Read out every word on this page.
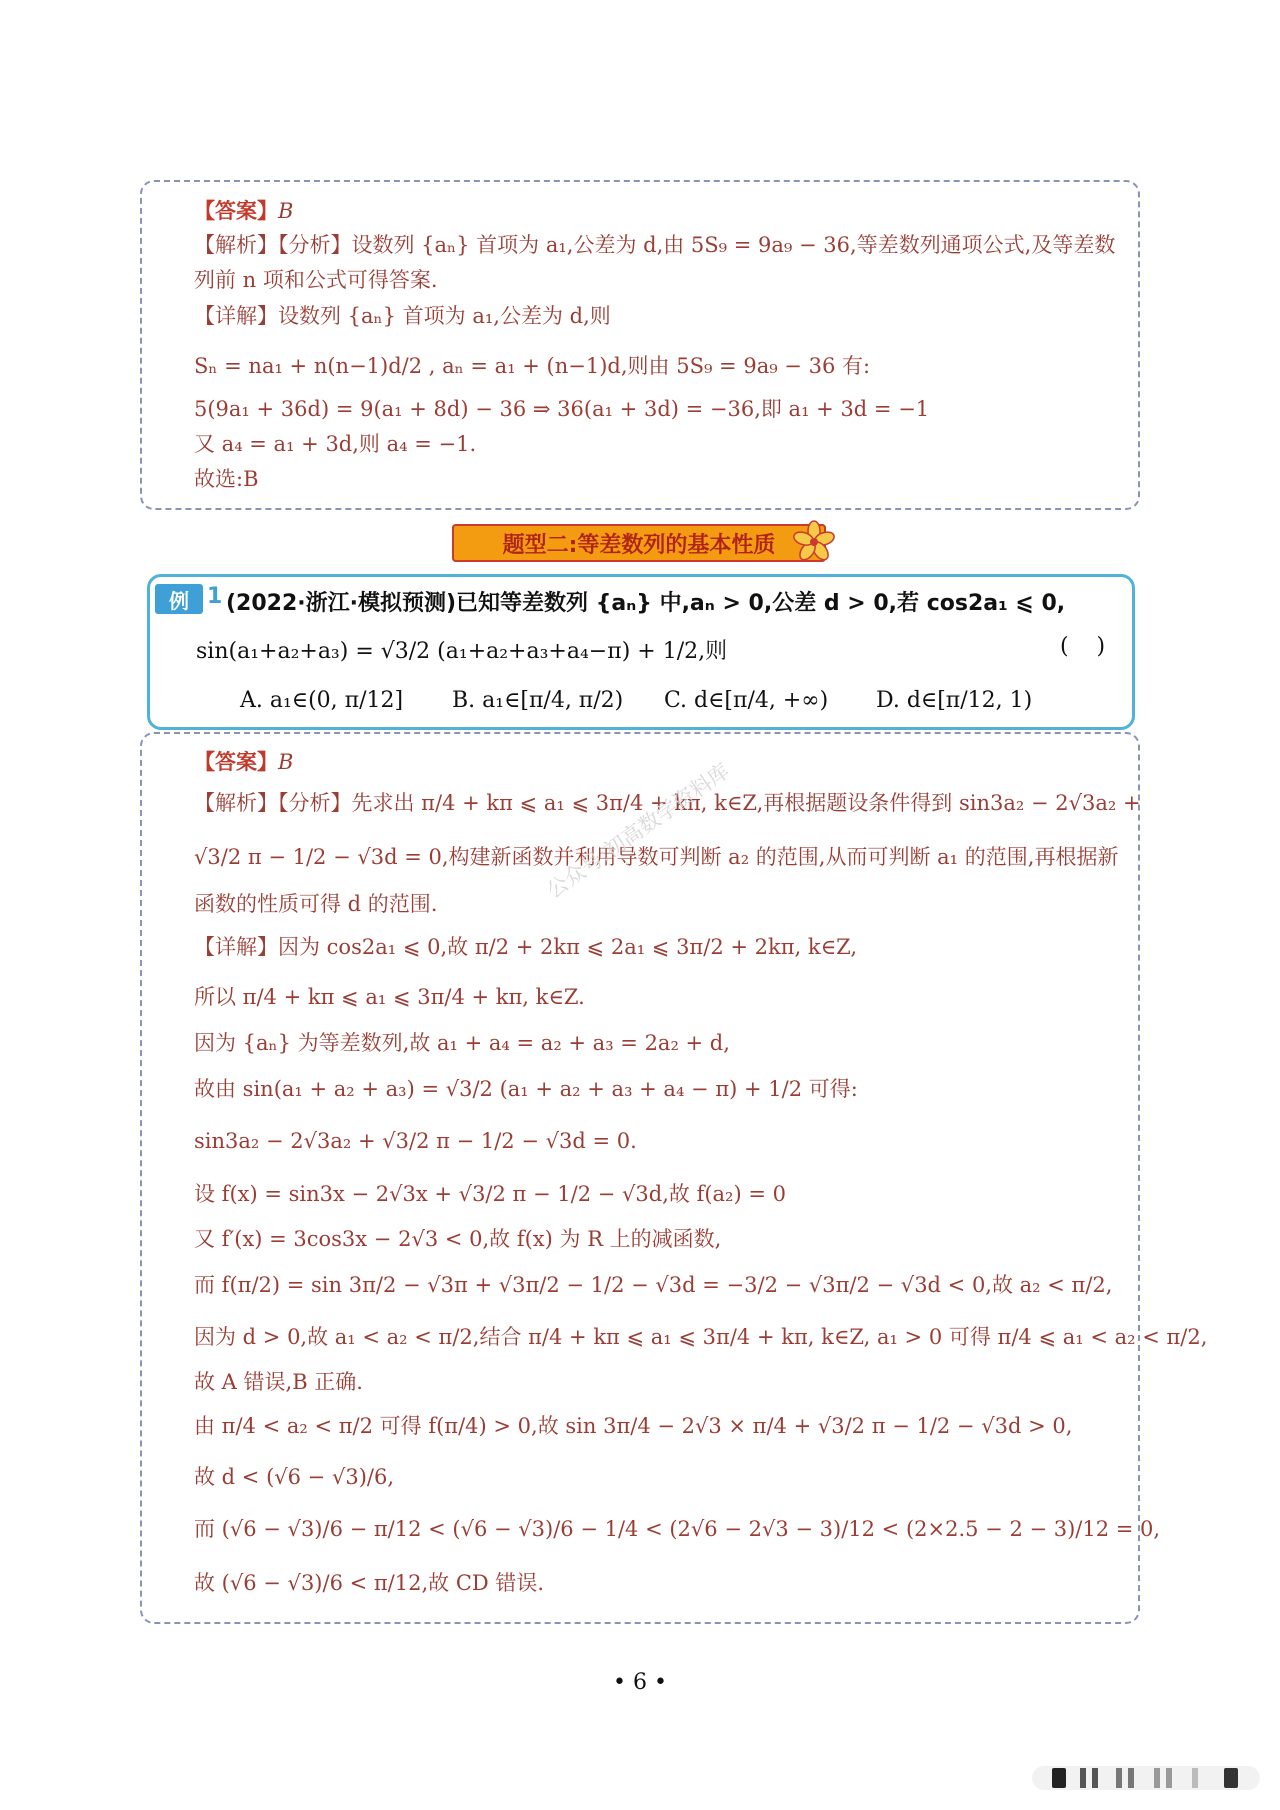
【答案】B
【解析】【分析】设数列 {aₙ} 首项为 a₁,公差为 d,由 5S₉ = 9a₉ − 36,等差数列通项公式,及等差数
列前 n 项和公式可得答案.
【详解】设数列 {aₙ} 首项为 a₁,公差为 d,则
Sₙ = na₁ + n(n−1)d/2 , aₙ = a₁ + (n−1)d,则由 5S₉ = 9a₉ − 36 有:
5(9a₁ + 36d) = 9(a₁ + 8d) − 36 ⇒ 36(a₁ + 3d) = −36,即 a₁ + 3d = −1
又 a₄ = a₁ + 3d,则 a₄ = −1.
故选:B
题型二:等差数列的基本性质
例 1 (2022·浙江·模拟预测)已知等差数列 {aₙ} 中,aₙ > 0,公差 d > 0,若 cos2a₁ ⩽ 0,
sin(a₁+a₂+a₃) = √3/2 (a₁+a₂+a₃+a₄−π) + 1/2,则	(    )
A. a₁∈(0, π/12] B. a₁∈[π/4, π/2) C. d∈[π/4, +∞) D. d∈[π/12, 1)
【答案】B
【解析】【分析】先求出 π/4 + kπ ⩽ a₁ ⩽ 3π/4 + kπ, k∈Z,再根据题设条件得到 sin3a₂ − 2√3a₂ +
√3/2 π − 1/2 − √3d = 0,构建新函数并利用导数可判断 a₂ 的范围,从而可判断 a₁ 的范围,再根据新
函数的性质可得 d 的范围.
【详解】因为 cos2a₁ ⩽ 0,故 π/2 + 2kπ ⩽ 2a₁ ⩽ 3π/2 + 2kπ, k∈Z,
所以 π/4 + kπ ⩽ a₁ ⩽ 3π/4 + kπ, k∈Z.
因为 {aₙ} 为等差数列,故 a₁ + a₄ = a₂ + a₃ = 2a₂ + d,
故由 sin(a₁ + a₂ + a₃) = √3/2 (a₁ + a₂ + a₃ + a₄ − π) + 1/2 可得:
sin3a₂ − 2√3a₂ + √3/2 π − 1/2 − √3d = 0.
设 f(x) = sin3x − 2√3x + √3/2 π − 1/2 − √3d,故 f(a₂) = 0
又 f′(x) = 3cos3x − 2√3 < 0,故 f(x) 为 R 上的减函数,
而 f(π/2) = sin 3π/2 − √3π + √3π/2 − 1/2 − √3d = −3/2 − √3π/2 − √3d < 0,故 a₂ < π/2,
因为 d > 0,故 a₁ < a₂ < π/2,结合 π/4 + kπ ⩽ a₁ ⩽ 3π/4 + kπ, k∈Z, a₁ > 0 可得 π/4 ⩽ a₁ < a₂ < π/2,
故 A 错误,B 正确.
由 π/4 < a₂ < π/2 可得 f(π/4) > 0,故 sin 3π/4 − 2√3 × π/4 + √3/2 π − 1/2 − √3d > 0,
故 d < (√6 − √3)/6,
而 (√6 − √3)/6 − π/12 < (√6 − √3)/6 − 1/4 < (2√6 − 2√3 − 3)/12 < (2×2.5 − 2 − 3)/12 = 0,
故 (√6 − √3)/6 < π/12,故 CD 错误.
公众号:初高数学资料库
• 6 •
